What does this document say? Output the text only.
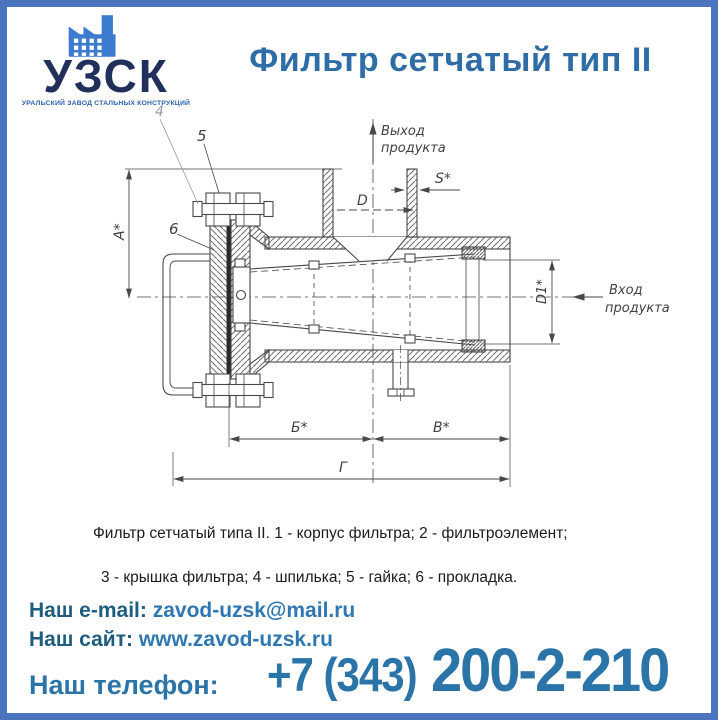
УЗСК
УРАЛЬСКИЙ ЗАВОД СТАЛЬНЫХ КОНСТРУКЦИЙ
Фильтр сетчатый тип II
Выход
продукта
Вход
продукта
D
S*
А*
Б*	В*
Г
D1*
4
5
6
Фильтр сетчатый типа II. 1 - корпус фильтра; 2 - фильтроэлемент;
3 - крышка фильтра; 4 - шпилька; 5 - гайка; 6 - прокладка.
Наш e-mail: zavod-uzsk@mail.ru
Наш сайт: www.zavod-uzsk.ru
Наш телефон: +7 (343) 200-2-210
